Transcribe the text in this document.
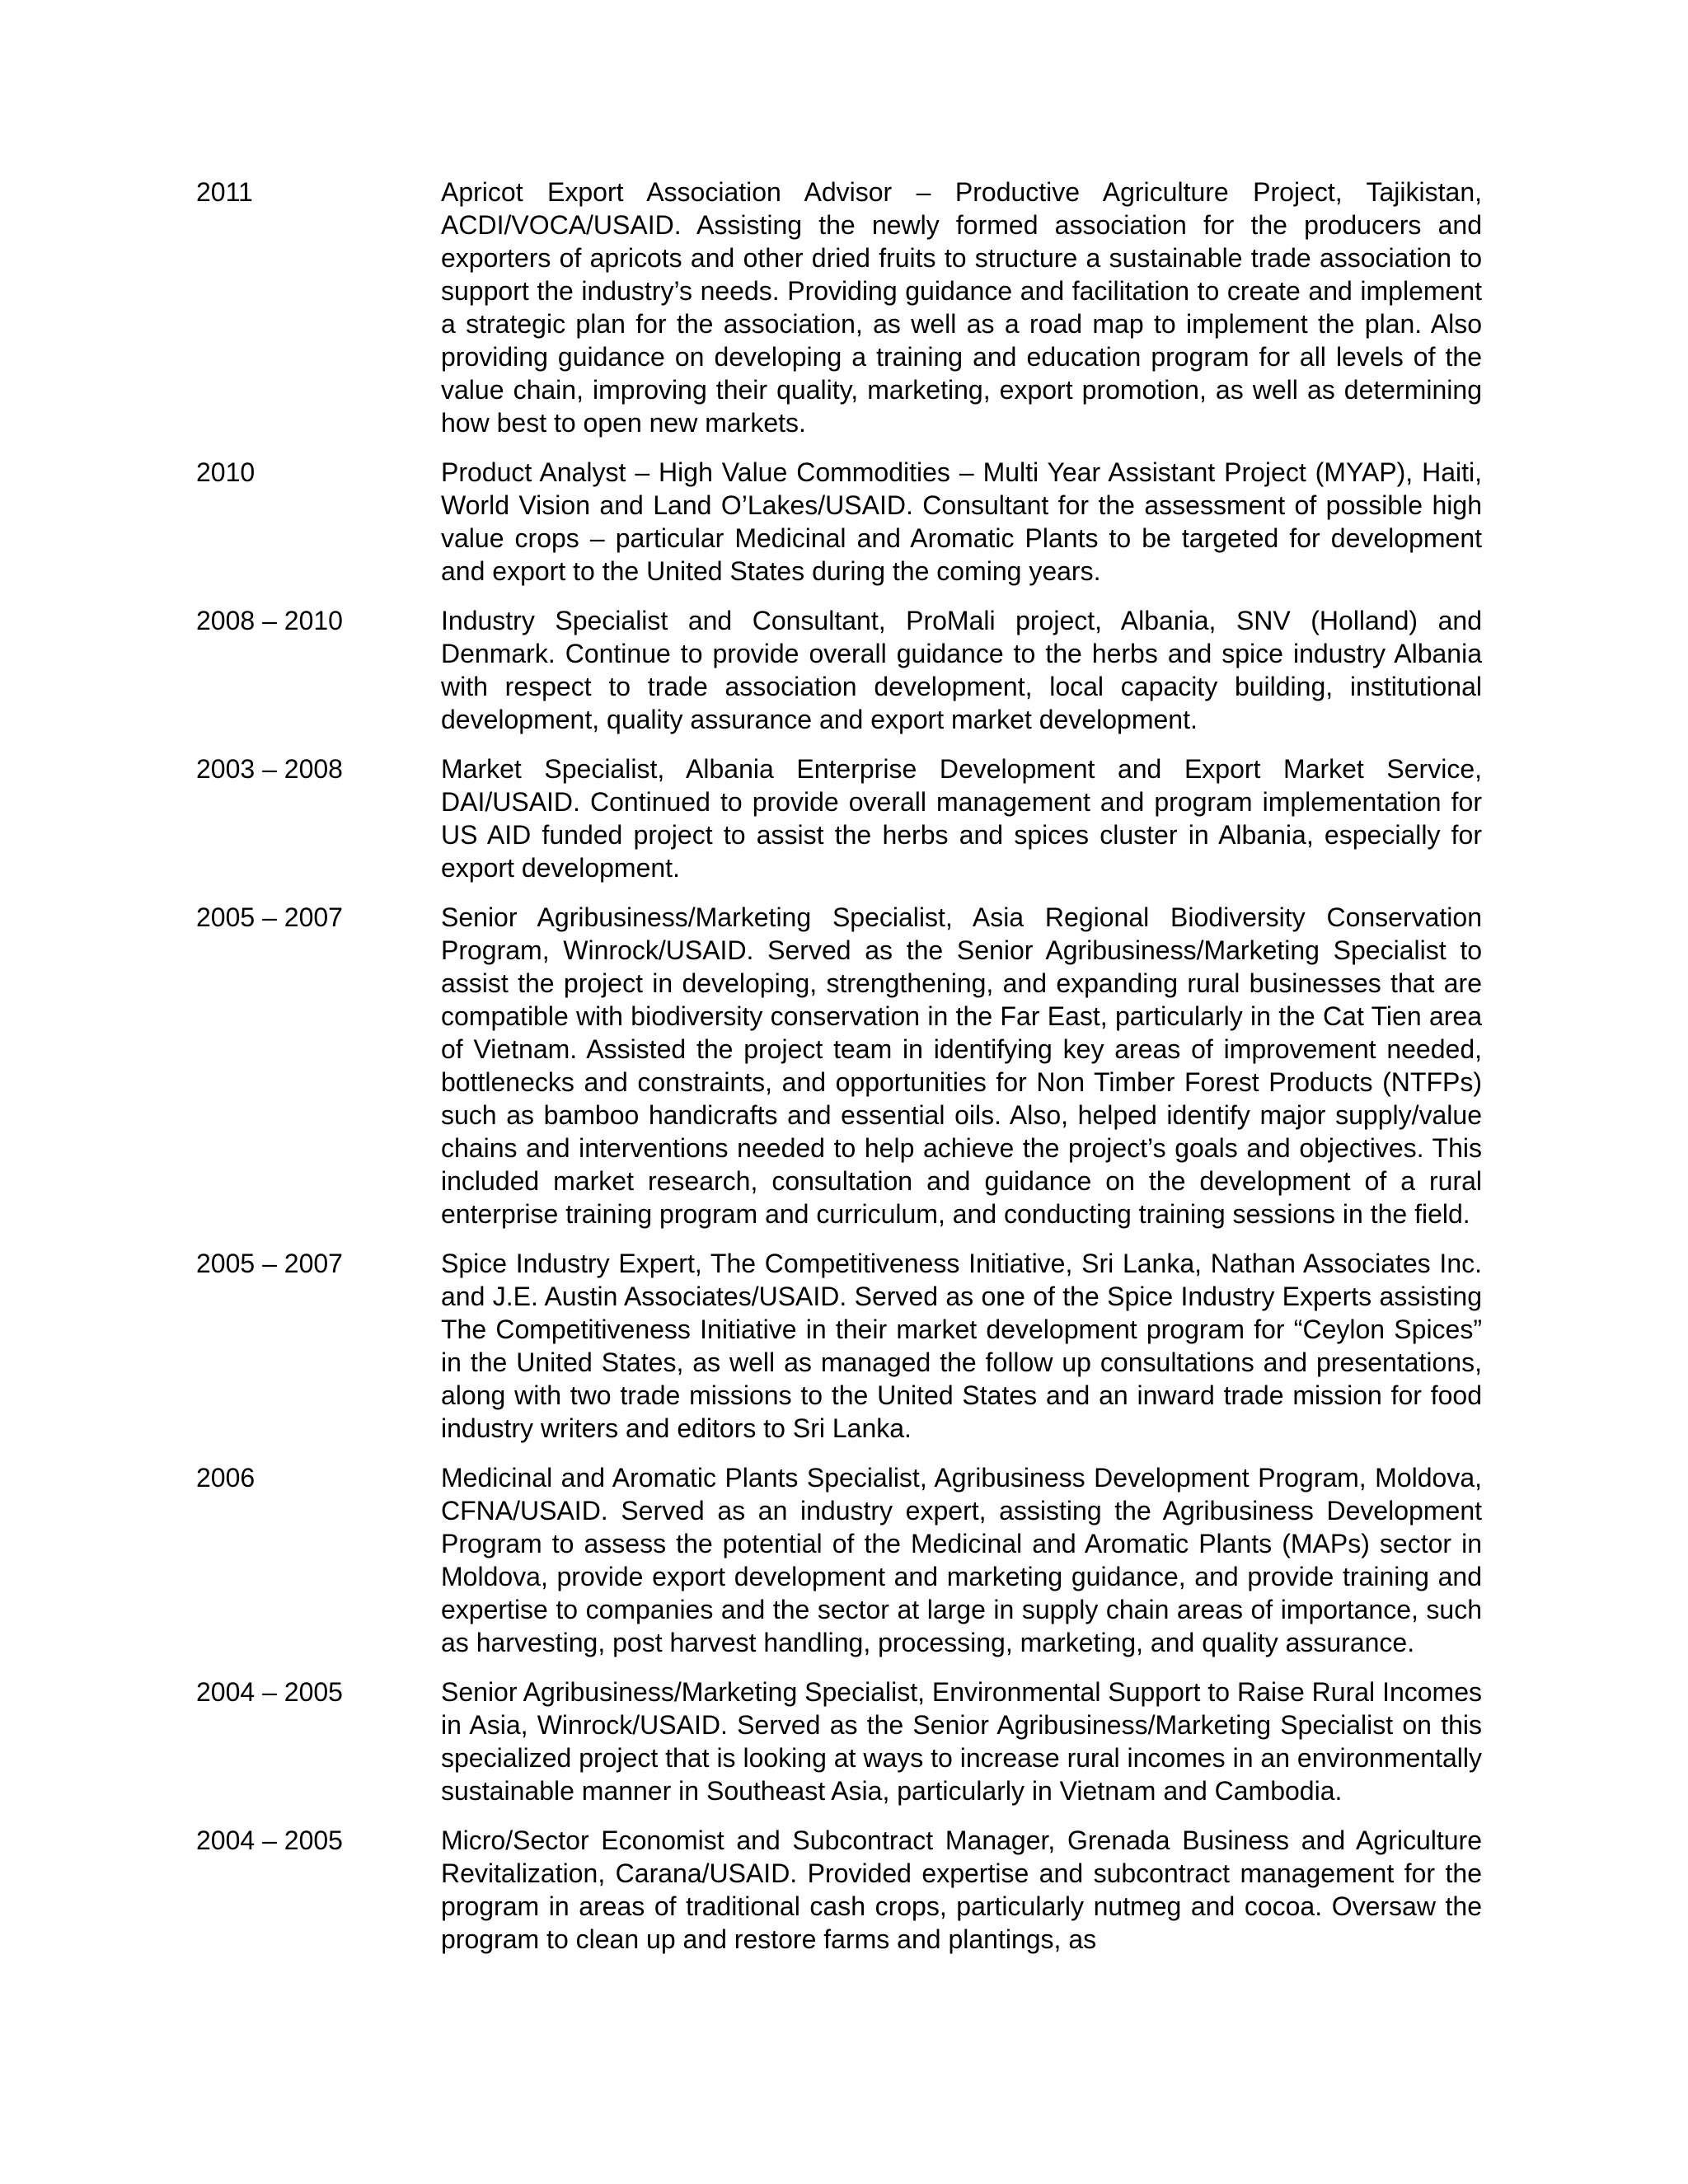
2011	Apricot Export Association Advisor – Productive Agriculture Project, Tajikistan, ACDI/VOCA/USAID. Assisting the newly formed association for the producers and exporters of apricots and other dried fruits to structure a sustainable trade association to support the industry’s needs. Providing guidance and facilitation to create and implement a strategic plan for the association, as well as a road map to implement the plan. Also providing guidance on developing a training and education program for all levels of the value chain, improving their quality, marketing, export promotion, as well as determining how best to open new markets.
2010	Product Analyst – High Value Commodities – Multi Year Assistant Project (MYAP), Haiti, World Vision and Land O’Lakes/USAID. Consultant for the assessment of possible high value crops – particular Medicinal and Aromatic Plants to be targeted for development and export to the United States during the coming years.
2008 – 2010	Industry Specialist and Consultant, ProMali project, Albania, SNV (Holland) and Denmark. Continue to provide overall guidance to the herbs and spice industry Albania with respect to trade association development, local capacity building, institutional development, quality assurance and export market development.
2003 – 2008	Market Specialist, Albania Enterprise Development and Export Market Service, DAI/USAID. Continued to provide overall management and program implementation for US AID funded project to assist the herbs and spices cluster in Albania, especially for export development.
2005 – 2007	Senior Agribusiness/Marketing Specialist, Asia Regional Biodiversity Conservation Program, Winrock/USAID. Served as the Senior Agribusiness/Marketing Specialist to assist the project in developing, strengthening, and expanding rural businesses that are compatible with biodiversity conservation in the Far East, particularly in the Cat Tien area of Vietnam. Assisted the project team in identifying key areas of improvement needed, bottlenecks and constraints, and opportunities for Non Timber Forest Products (NTFPs) such as bamboo handicrafts and essential oils. Also, helped identify major supply/value chains and interventions needed to help achieve the project’s goals and objectives. This included market research, consultation and guidance on the development of a rural enterprise training program and curriculum, and conducting training sessions in the field.
2005 – 2007	Spice Industry Expert, The Competitiveness Initiative, Sri Lanka, Nathan Associates Inc. and J.E. Austin Associates/USAID. Served as one of the Spice Industry Experts assisting The Competitiveness Initiative in their market development program for “Ceylon Spices” in the United States, as well as managed the follow up consultations and presentations, along with two trade missions to the United States and an inward trade mission for food industry writers and editors to Sri Lanka.
2006	Medicinal and Aromatic Plants Specialist, Agribusiness Development Program, Moldova, CFNA/USAID. Served as an industry expert, assisting the Agribusiness Development Program to assess the potential of the Medicinal and Aromatic Plants (MAPs) sector in Moldova, provide export development and marketing guidance, and provide training and expertise to companies and the sector at large in supply chain areas of importance, such as harvesting, post harvest handling, processing, marketing, and quality assurance.
2004 – 2005	Senior Agribusiness/Marketing Specialist, Environmental Support to Raise Rural Incomes in Asia, Winrock/USAID. Served as the Senior Agribusiness/Marketing Specialist on this specialized project that is looking at ways to increase rural incomes in an environmentally sustainable manner in Southeast Asia, particularly in Vietnam and Cambodia.
2004 – 2005	Micro/Sector Economist and Subcontract Manager, Grenada Business and Agriculture Revitalization, Carana/USAID. Provided expertise and subcontract management for the program in areas of traditional cash crops, particularly nutmeg and cocoa. Oversaw the program to clean up and restore farms and plantings, as
